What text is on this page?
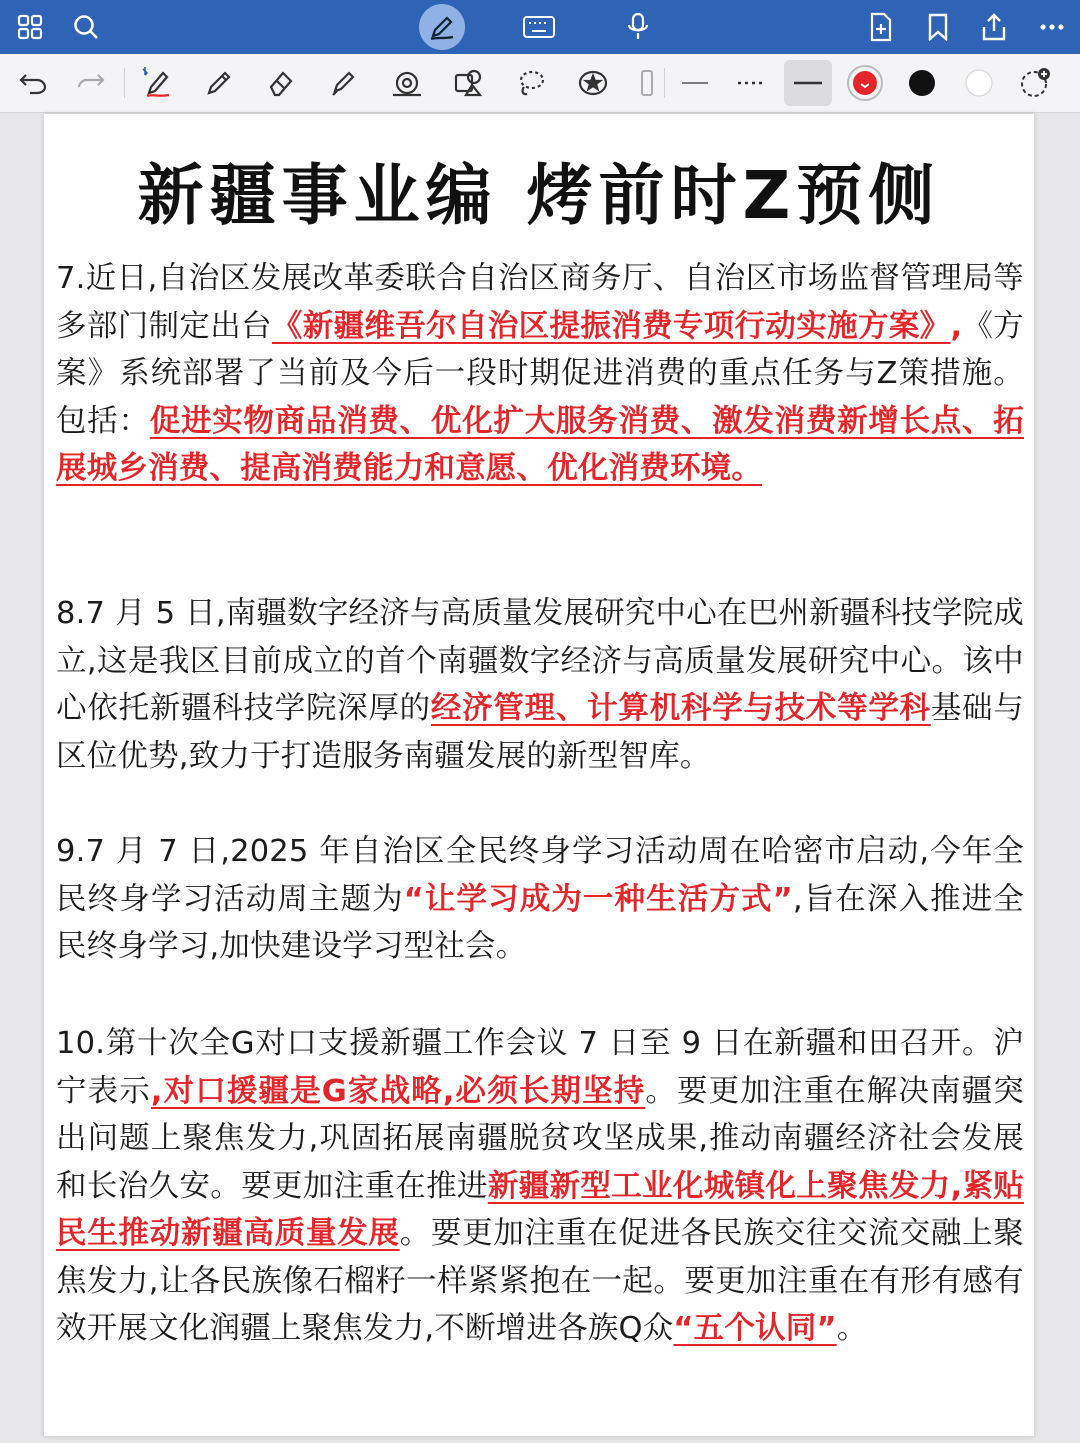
新疆事业编 烤前时Z预侧
7.近日,自治区发展改革委联合自治区商务厅、自治区市场监督管理局等多部门制定出台《新疆维吾尔自治区提振消费专项行动实施方案》,《方案》系统部署了当前及今后一段时期促进消费的重点任务与Z策措施。包括：促进实物商品消费、优化扩大服务消费、激发消费新增长点、拓展城乡消费、提高消费能力和意愿、优化消费环境。
8.7 月 5 日,南疆数字经济与高质量发展研究中心在巴州新疆科技学院成立,这是我区目前成立的首个南疆数字经济与高质量发展研究中心。该中心依托新疆科技学院深厚的经济管理、计算机科学与技术等学科基础与区位优势,致力于打造服务南疆发展的新型智库。
9.7 月 7 日,2025 年自治区全民终身学习活动周在哈密市启动,今年全民终身学习活动周主题为“让学习成为一种生活方式”,旨在深入推进全民终身学习,加快建设学习型社会。
10.第十次全G对口支援新疆工作会议 7 日至 9 日在新疆和田召开。沪宁表示,对口援疆是G家战略,必须长期坚持。要更加注重在解决南疆突出问题上聚焦发力,巩固拓展南疆脱贫攻坚成果,推动南疆经济社会发展和长治久安。要更加注重在推进新疆新型工业化城镇化上聚焦发力,紧贴民生推动新疆高质量发展。要更加注重在促进各民族交往交流交融上聚焦发力,让各民族像石榴籽一样紧紧抱在一起。要更加注重在有形有感有效开展文化润疆上聚焦发力,不断增进各族Q众“五个认同”。
